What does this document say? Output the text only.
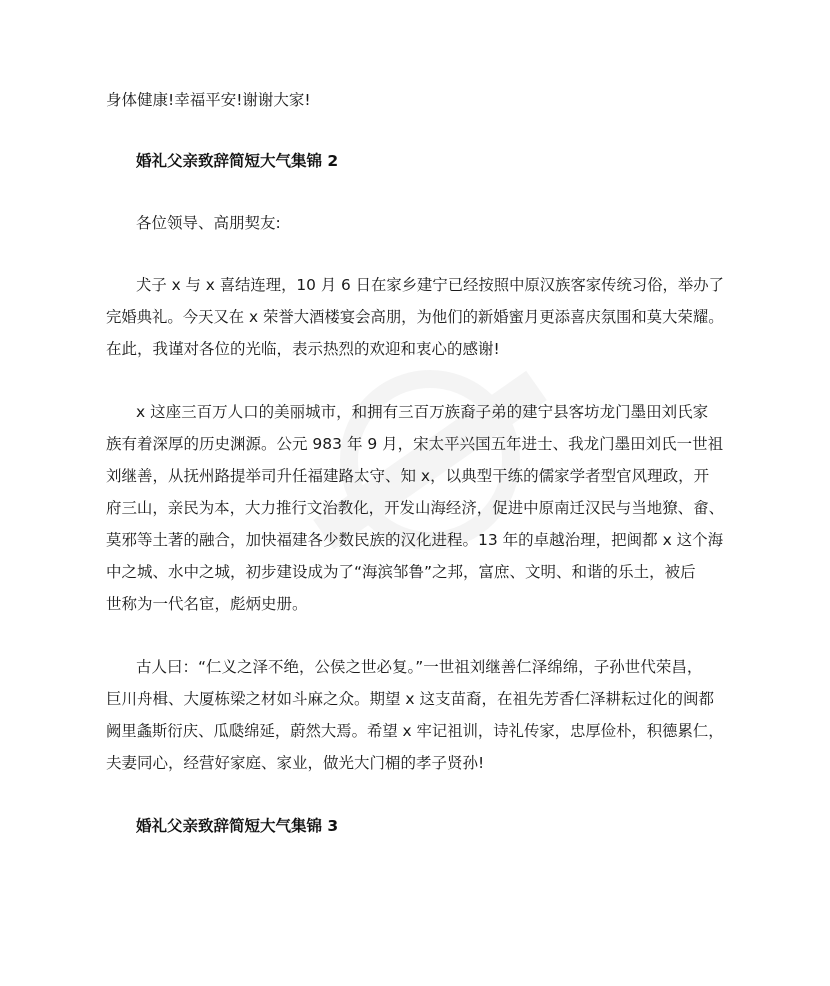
身体健康!幸福平安!谢谢大家!
婚礼父亲致辞简短大气集锦 2
各位领导、高朋契友:
犬子 x 与 x 喜结连理，10 月 6 日在家乡建宁已经按照中原汉族客家传统习俗，举办了
完婚典礼。今天又在 x 荣誉大酒楼宴会高朋，为他们的新婚蜜月更添喜庆氛围和莫大荣耀。
在此，我谨对各位的光临，表示热烈的欢迎和衷心的感谢!
x 这座三百万人口的美丽城市，和拥有三百万族裔子弟的建宁县客坊龙门墨田刘氏家
族有着深厚的历史渊源。公元 983 年 9 月，宋太平兴国五年进士、我龙门墨田刘氏一世祖
刘继善，从抚州路提举司升任福建路太守、知 x，以典型干练的儒家学者型官风理政，开
府三山，亲民为本，大力推行文治教化，开发山海经济，促进中原南迁汉民与当地獠、畲、
莫邪等土著的融合，加快福建各少数民族的汉化进程。13 年的卓越治理，把闽都 x 这个海
中之城、水中之城，初步建设成为了“海滨邹鲁”之邦，富庶、文明、和谐的乐土，被后
世称为一代名宦，彪炳史册。
古人曰：“仁义之泽不绝，公侯之世必复。”一世祖刘继善仁泽绵绵，子孙世代荣昌，
巨川舟楫、大厦栋梁之材如斗麻之众。期望 x 这支苗裔，在祖先芳香仁泽耕耘过化的闽都
阙里螽斯衍庆、瓜瓞绵延，蔚然大焉。希望 x 牢记祖训，诗礼传家，忠厚俭朴，积德累仁，
夫妻同心，经营好家庭、家业，做光大门楣的孝子贤孙!
婚礼父亲致辞简短大气集锦 3
